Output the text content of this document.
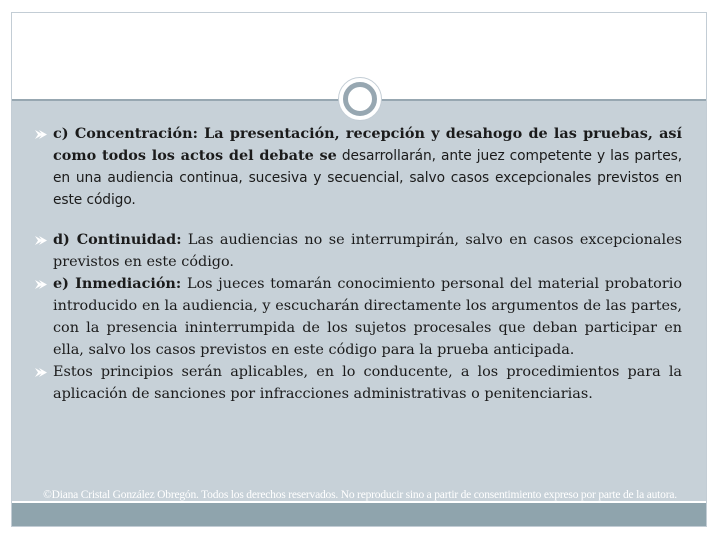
c) Concentración: La presentación, recepción y desahogo de las pruebas, así como todos los actos del debate se desarrollarán, ante juez competente y las partes, en una audiencia continua, sucesiva y secuencial, salvo casos excepcionales previstos en este código.
d) Continuidad: Las audiencias no se interrumpirán, salvo en casos excepcionales previstos en este código.
e) Inmediación: Los jueces tomarán conocimiento personal del material probatorio introducido en la audiencia, y escucharán directamente los argumentos de las partes, con la presencia ininterrumpida de los sujetos procesales que deban participar en ella, salvo los casos previstos en este código para la prueba anticipada.
Estos principios serán aplicables, en lo conducente, a los procedimientos para la aplicación de sanciones por infracciones administrativas o penitenciarias.
©Diana Cristal González Obregón. Todos los derechos reservados. No reproducir sino a partir de consentimiento expreso por parte de la autora.
